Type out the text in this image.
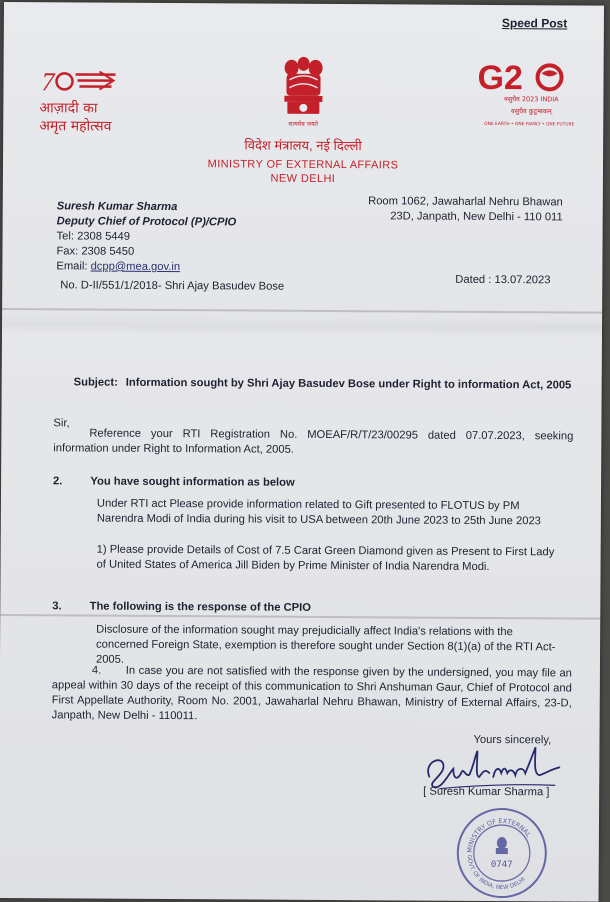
Speed Post
7
आज़ादी का
अमृत महोत्सव	सत्यमेव जयते
G2
वसुधैव 2023 INDIA
वसुधैव कुटुम्बकम्
ONE EARTH • ONE FAMILY • ONE FUTURE
विदेश मंत्रालय, नई दिल्ली
MINISTRY OF EXTERNAL AFFAIRS
NEW DELHI
Suresh Kumar Sharma
Deputy Chief of Protocol (P)/CPIO
Tel: 2308 5449
Fax: 2308 5450
Email: dcpp@mea.gov.in
Room 1062, Jawaharlal Nehru Bhawan
23D, Janpath, New Delhi - 110 011
No. D-II/551/1/2018- Shri Ajay Basudev Bose	Dated : 13.07.2023
Subject: Information sought by Shri Ajay Basudev Bose under Right to information Act, 2005
Sir,
Reference your RTI Registration No. MOEAF/R/T/23/00295 dated 07.07.2023, seeking information under Right to Information Act, 2005.
2. You have sought information as below
Under RTI act Please provide information related to Gift presented to FLOTUS by PM Narendra Modi of India during his visit to USA between 20th June 2023 to 25th June 2023
1) Please provide Details of Cost of 7.5 Carat Green Diamond given as Present to First Lady of United States of America Jill Biden by Prime Minister of India Narendra Modi.
3. The following is the response of the CPIO
Disclosure of the information sought may prejudicially affect India's relations with the concerned Foreign State, exemption is therefore sought under Section 8(1)(a) of the RTI Act-2005.
4. In case you are not satisfied with the response given by the undersigned, you may file an appeal within 30 days of the receipt of this communication to Shri Anshuman Gaur, Chief of Protocol and First Appellate Authority, Room No. 2001, Jawaharlal Nehru Bhawan, Ministry of External Affairs, 23-D, Janpath, New Delhi - 110011.
Yours sincerely,
[ Suresh Kumar Sharma ]
MINISTRY OF EXTERNAL
GOVT. OF INDIA, NEW DELHI
0747
